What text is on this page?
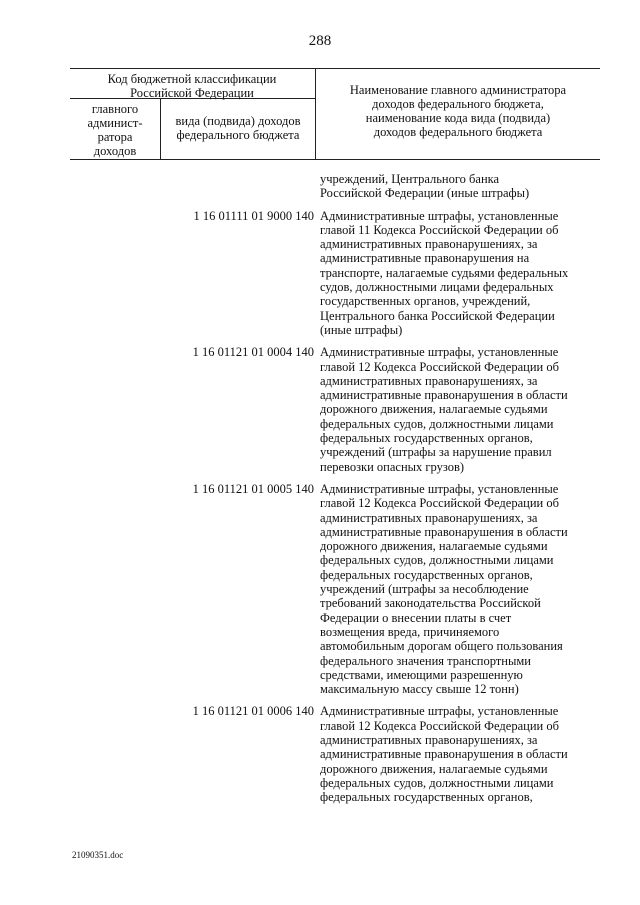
288
Код бюджетной классификации
Российской Федерации
главного
админист-
ратора
доходов
вида (подвида) доходов
федерального бюджета
Наименование главного администратора
доходов федерального бюджета,
наименование кода вида (подвида)
доходов федерального бюджета
учреждений, Центрального банка
Российской Федерации (иные штрафы)
1 16 01111 01 9000 140 Административные штрафы, установленные
главой 11 Кодекса Российской Федерации об
административных правонарушениях, за
административные правонарушения на
транспорте, налагаемые судьями федеральных
судов, должностными лицами федеральных
государственных органов, учреждений,
Центрального банка Российской Федерации
(иные штрафы)
1 16 01121 01 0004 140 Административные штрафы, установленные
главой 12 Кодекса Российской Федерации об
административных правонарушениях, за
административные правонарушения в области
дорожного движения, налагаемые судьями
федеральных судов, должностными лицами
федеральных государственных органов,
учреждений (штрафы за нарушение правил
перевозки опасных грузов)
1 16 01121 01 0005 140 Административные штрафы, установленные
главой 12 Кодекса Российской Федерации об
административных правонарушениях, за
административные правонарушения в области
дорожного движения, налагаемые судьями
федеральных судов, должностными лицами
федеральных государственных органов,
учреждений (штрафы за несоблюдение
требований законодательства Российской
Федерации о внесении платы в счет
возмещения вреда, причиняемого
автомобильным дорогам общего пользования
федерального значения транспортными
средствами, имеющими разрешенную
максимальную массу свыше 12 тонн)
1 16 01121 01 0006 140 Административные штрафы, установленные
главой 12 Кодекса Российской Федерации об
административных правонарушениях, за
административные правонарушения в области
дорожного движения, налагаемые судьями
федеральных судов, должностными лицами
федеральных государственных органов,
21090351.doc
